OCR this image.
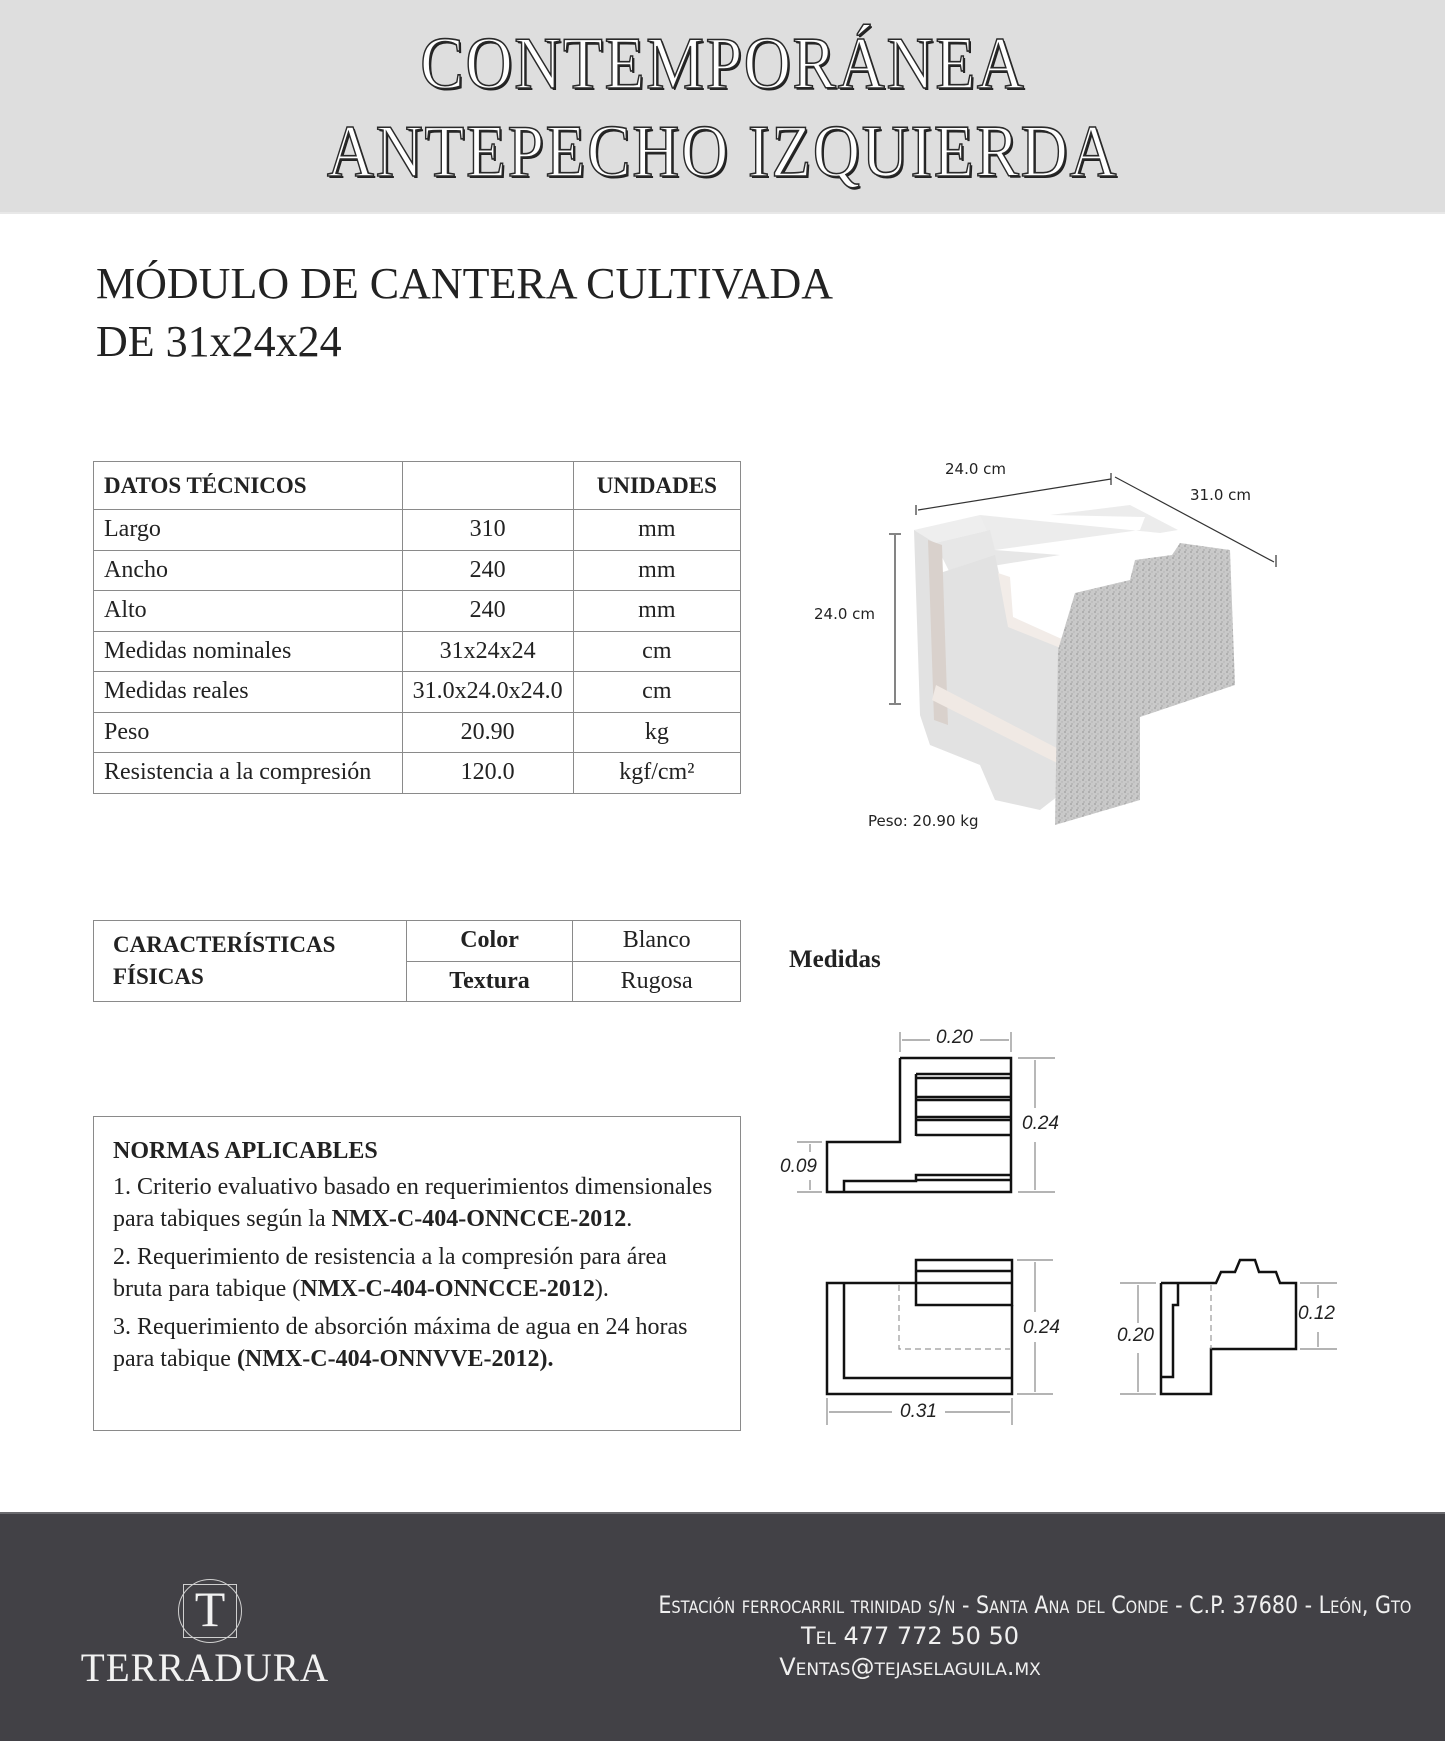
CONTEMPORÁNEA
ANTEPECHO IZQUIERDA
MÓDULO DE CANTERA CULTIVADA
DE 31x24x24
DATOS TÉCNICOS		UNIDADES
Largo	310	mm
Ancho	240	mm
Alto	240	mm
Medidas nominales	31x24x24	cm
Medidas reales	31.0x24.0x24.0	cm
Peso	20.90	kg
Resistencia a la compresión	120.0	kgf/cm²
24.0 cm
31.0 cm
24.0 cm
Peso: 20.90 kg
CARACTERÍSTICAS
FÍSICAS	Color	Blanco
	Textura	Rugosa
Medidas
NORMAS APLICABLES
1. Criterio evaluativo basado en requerimientos dimensionales para tabiques según la NMX-C-404-ONNCCE-2012.
2. Requerimiento de resistencia a la compresión para área bruta para tabique (NMX-C-404-ONNCCE-2012).
3. Requerimiento de absorción máxima de agua en 24 horas para tabique (NMX-C-404-ONNVVE-2012).
0.20
0.24
0.09
0.24
0.31
0.20
0.12
T
TERRADURA
Estación ferrocarril trinidad s/n - Santa Ana del Conde - C.P. 37680 - León, Gto
Tel 477 772 50 50
Ventas@tejaselaguila.mx
